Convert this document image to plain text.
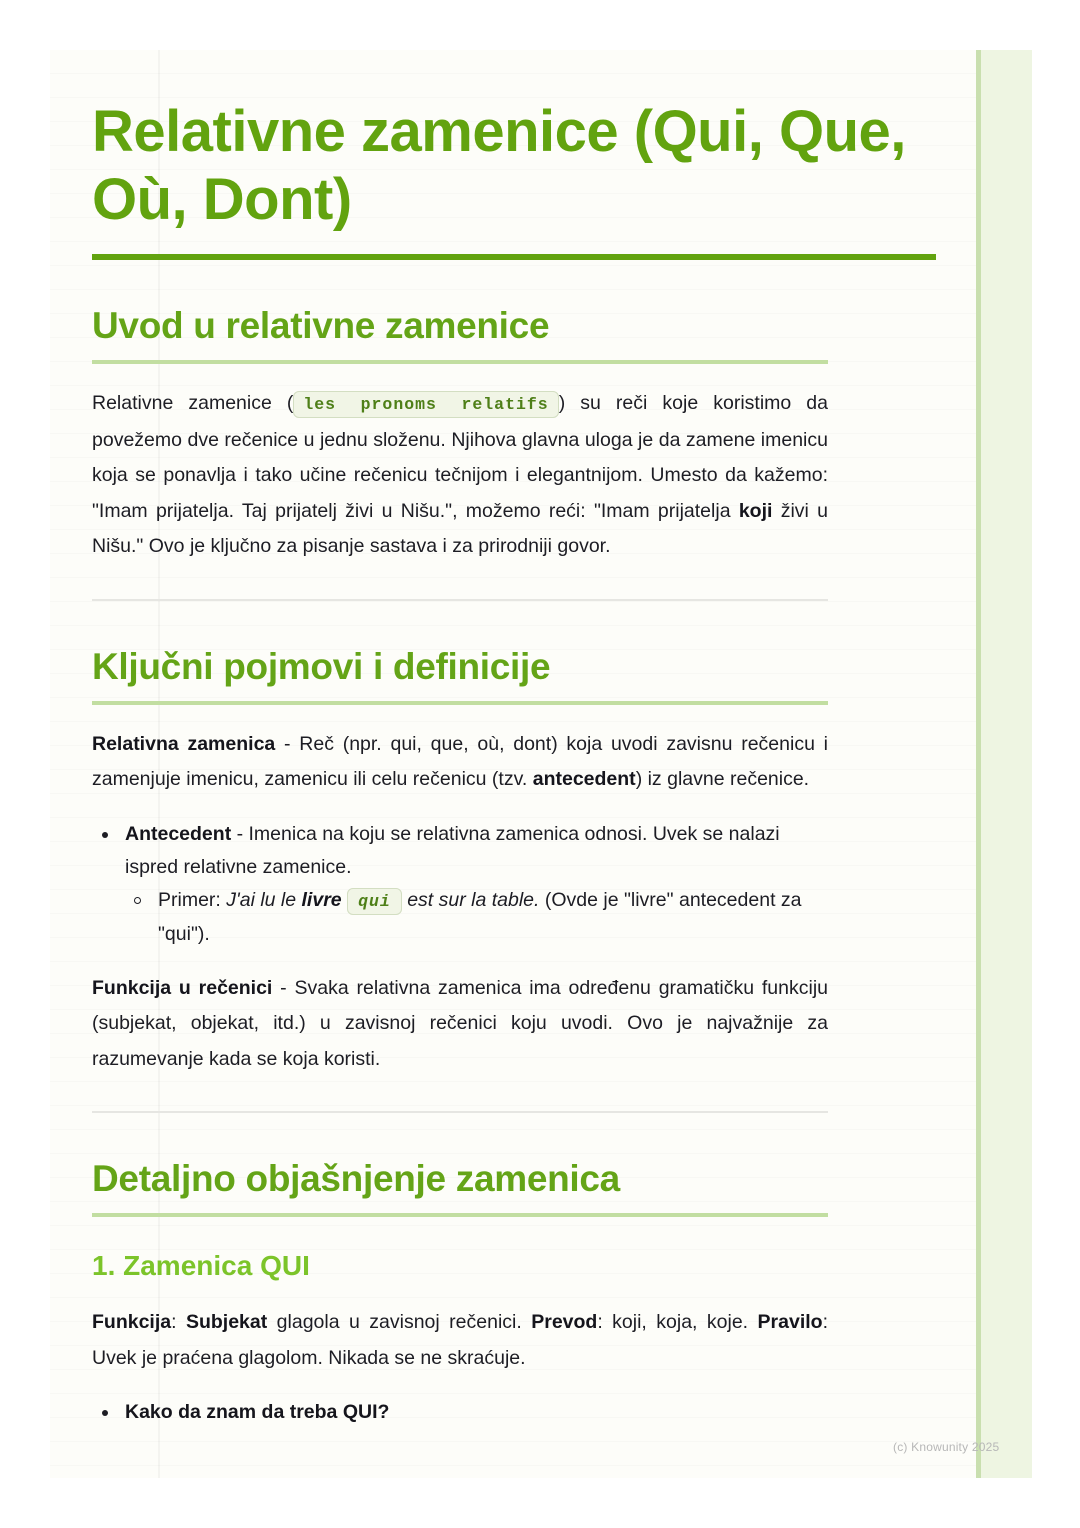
Relativne zamenice (Qui, Que, Où, Dont)
Uvod u relativne zamenice

Relativne zamenice ( les pronoms relatifs ) su reči koje koristimo da povežemo dve rečenice u jednu složenu. Njihova glavna uloga je da zamene imenicu koja se ponavlja i tako učine rečenicu tečnijom i elegantnijom. Umesto da kažemo: "Imam prijatelja. Taj prijatelj živi u Nišu.", možemo reći: "Imam prijatelja koji živi u Nišu." Ovo je ključno za pisanje sastava i za prirodniji govor.

Ključni pojmovi i definicije

Relativna zamenica - Reč (npr. qui, que, où, dont) koja uvodi zavisnu rečenicu i zamenjuje imenicu, zamenicu ili celu rečenicu (tzv. antecedent) iz glavne rečenice.

Antecedent - Imenica na koju se relativna zamenica odnosi. Uvek se nalazi ispred relativne zamenice.
Primer: J'ai lu le livre qui est sur la table. (Ovde je "livre" antecedent za "qui").

Funkcija u rečenici - Svaka relativna zamenica ima određenu gramatičku funkciju (subjekat, objekat, itd.) u zavisnoj rečenici koju uvodi. Ovo je najvažnije za razumevanje kada se koja koristi.

Detaljno objašnjenje zamenica
1. Zamenica QUI

Funkcija: Subjekat glagola u zavisnoj rečenici. Prevod: koji, koja, koje. Pravilo: Uvek je praćena glagolom. Nikada se ne skraćuje.

Kako da znam da treba QUI?
(c) Knowunity 2025
